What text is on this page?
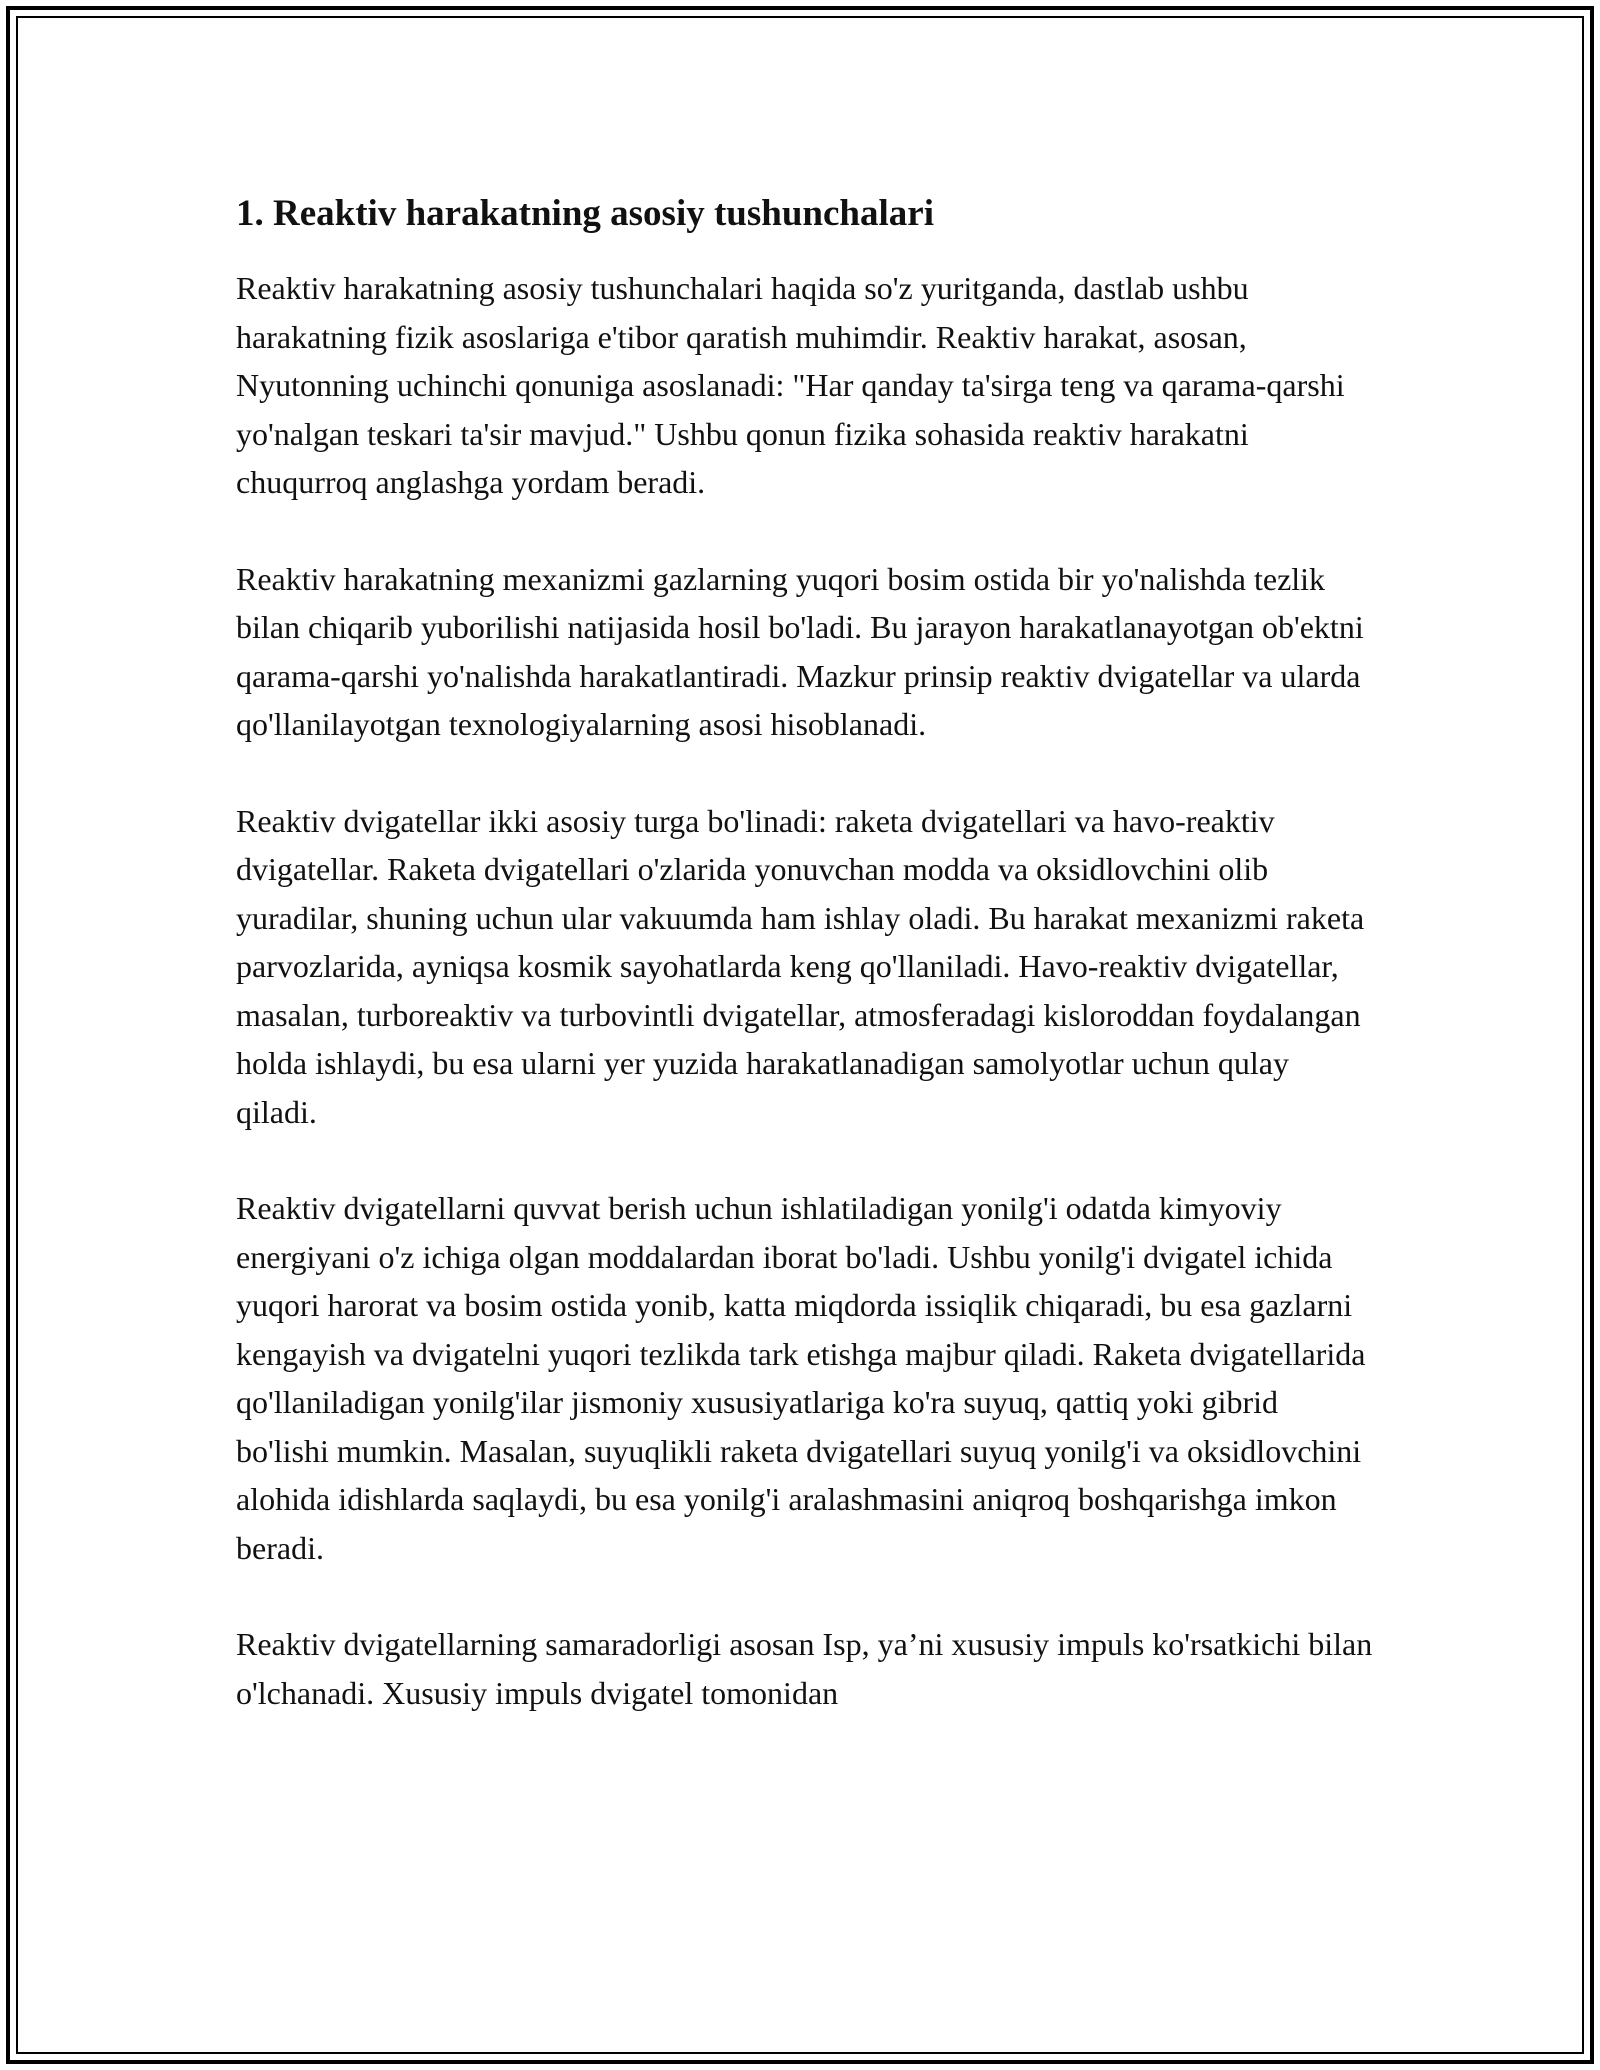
1. Reaktiv harakatning asosiy tushunchalari

Reaktiv harakatning asosiy tushunchalari haqida so'z yuritganda, dastlab ushbu harakatning fizik asoslariga e'tibor qaratish muhimdir. Reaktiv harakat, asosan, Nyutonning uchinchi qonuniga asoslanadi: "Har qanday ta'sirga teng va qarama-qarshi yo'nalgan teskari ta'sir mavjud." Ushbu qonun fizika sohasida reaktiv harakatni chuqurroq anglashga yordam beradi.

Reaktiv harakatning mexanizmi gazlarning yuqori bosim ostida bir yo'nalishda tezlik bilan chiqarib yuborilishi natijasida hosil bo'ladi. Bu jarayon harakatlanayotgan ob'ektni qarama-qarshi yo'nalishda harakatlantiradi. Mazkur prinsip reaktiv dvigatellar va ularda qo'llanilayotgan texnologiyalarning asosi hisoblanadi.

Reaktiv dvigatellar ikki asosiy turga bo'linadi: raketa dvigatellari va havo-reaktiv dvigatellar. Raketa dvigatellari o'zlarida yonuvchan modda va oksidlovchini olib yuradilar, shuning uchun ular vakuumda ham ishlay oladi. Bu harakat mexanizmi raketa parvozlarida, ayniqsa kosmik sayohatlarda keng qo'llaniladi. Havo-reaktiv dvigatellar, masalan, turboreaktiv va turbovintli dvigatellar, atmosferadagi kisloroddan foydalangan holda ishlaydi, bu esa ularni yer yuzida harakatlanadigan samolyotlar uchun qulay qiladi.

Reaktiv dvigatellarni quvvat berish uchun ishlatiladigan yonilg'i odatda kimyoviy energiyani o'z ichiga olgan moddalardan iborat bo'ladi. Ushbu yonilg'i dvigatel ichida yuqori harorat va bosim ostida yonib, katta miqdorda issiqlik chiqaradi, bu esa gazlarni kengayish va dvigatelni yuqori tezlikda tark etishga majbur qiladi. Raketa dvigatellarida qo'llaniladigan yonilg'ilar jismoniy xususiyatlariga ko'ra suyuq, qattiq yoki gibrid bo'lishi mumkin. Masalan, suyuqlikli raketa dvigatellari suyuq yonilg'i va oksidlovchini alohida idishlarda saqlaydi, bu esa yonilg'i aralashmasini aniqroq boshqarishga imkon beradi.

Reaktiv dvigatellarning samaradorligi asosan Isp, ya’ni xususiy impuls ko'rsatkichi bilan o'lchanadi. Xususiy impuls dvigatel tomonidan
